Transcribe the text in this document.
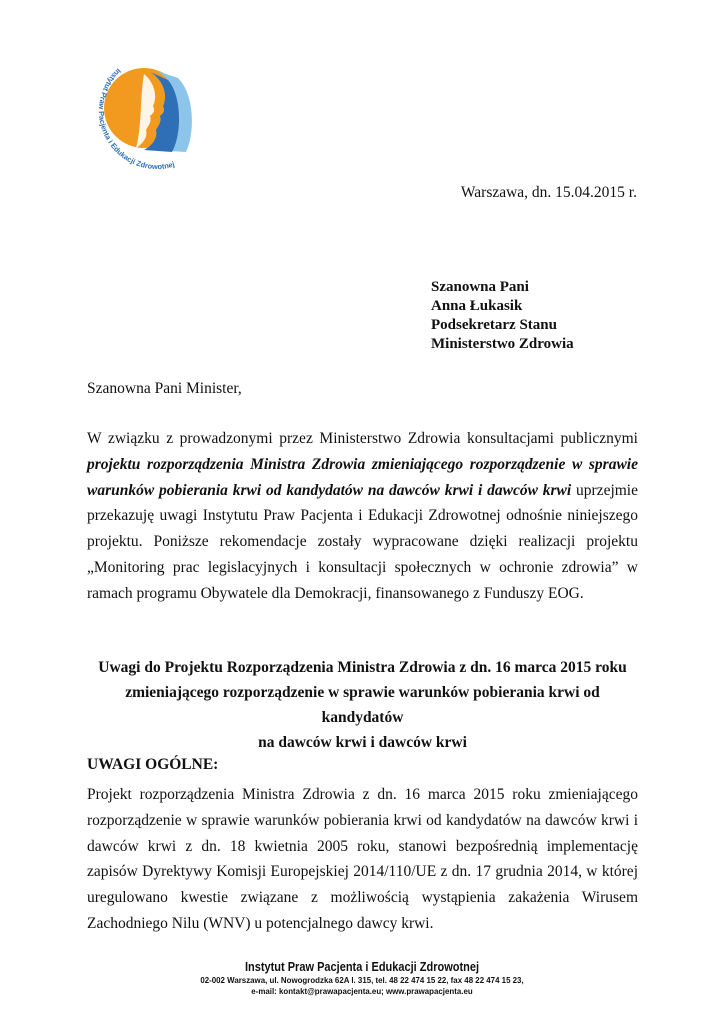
Instytut Praw Pacjenta i Edukacji Zdrowotnej
Warszawa, dn. 15.04.2015 r.
Szanowna Pani
Anna Łukasik
Podsekretarz Stanu
Ministerstwo Zdrowia
Szanowna Pani Minister,
W związku z prowadzonymi przez Ministerstwo Zdrowia konsultacjami publicznymi projektu rozporządzenia Ministra Zdrowia zmieniającego rozporządzenie w sprawie warunków pobierania krwi od kandydatów na dawców krwi i dawców krwi uprzejmie przekazuję uwagi Instytutu Praw Pacjenta i Edukacji Zdrowotnej odnośnie niniejszego projektu. Poniższe rekomendacje zostały wypracowane dzięki realizacji projektu „Monitoring prac legislacyjnych i konsultacji społecznych w ochronie zdrowia” w ramach programu Obywatele dla Demokracji, finansowanego z Funduszy EOG.
Uwagi do Projektu Rozporządzenia Ministra Zdrowia z dn. 16 marca 2015 roku
zmieniającego rozporządzenie w sprawie warunków pobierania krwi od kandydatów
na dawców krwi i dawców krwi
UWAGI OGÓLNE:
Projekt rozporządzenia Ministra Zdrowia z dn. 16 marca 2015 roku zmieniającego rozporządzenie w sprawie warunków pobierania krwi od kandydatów na dawców krwi i dawców krwi z dn. 18 kwietnia 2005 roku, stanowi bezpośrednią implementację zapisów Dyrektywy Komisji Europejskiej 2014/110/UE z dn. 17 grudnia 2014, w której uregulowano kwestie związane z możliwością wystąpienia zakażenia Wirusem Zachodniego Nilu (WNV) u potencjalnego dawcy krwi.
Instytut Praw Pacjenta i Edukacji Zdrowotnej
02-002 Warszawa, ul. Nowogrodzka 62A l. 315, tel. 48 22 474 15 22, fax 48 22 474 15 23,
e-mail: kontakt@prawapacjenta.eu; www.prawapacjenta.eu
